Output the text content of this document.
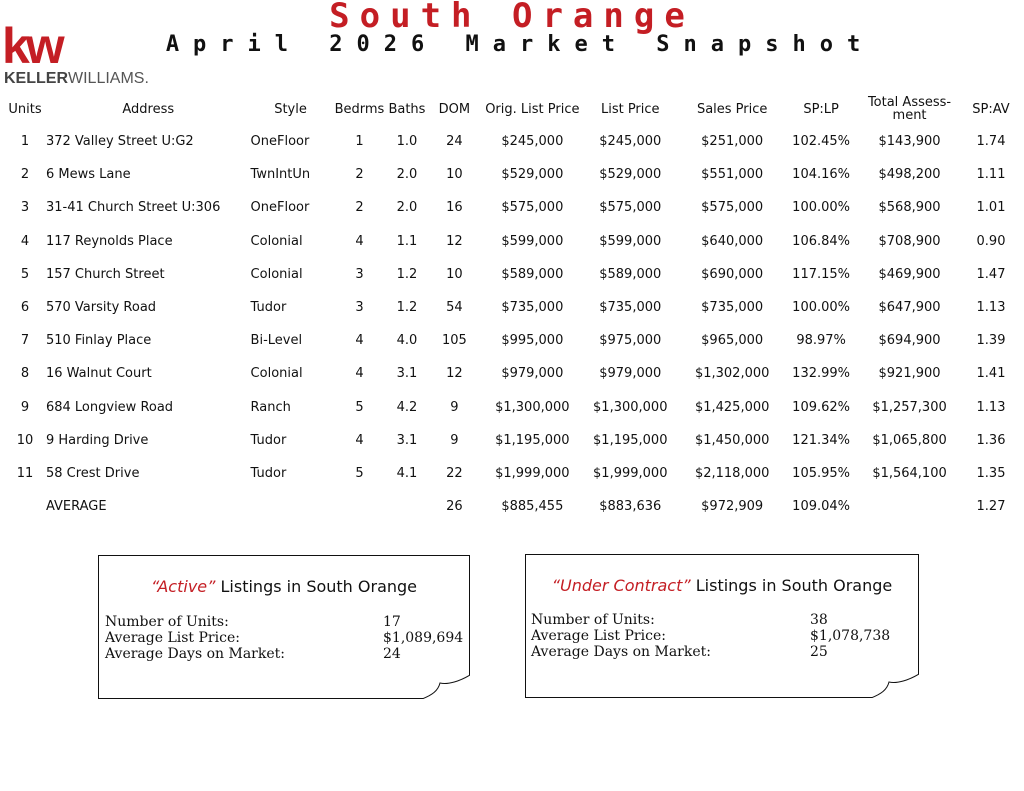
kw
KELLERWILLIAMS.
South Orange
April 2026 Market Snapshot
Units	Address	Style	Bedrms	Baths	DOM	Orig. List Price	List Price	Sales Price	SP:LP	Total Assess-ment	SP:AV
1	372 Valley Street U:G2	OneFloor	1	1.0	24	$245,000	$245,000	$251,000	102.45%	$143,900	1.74
2	6 Mews Lane	TwnIntUn	2	2.0	10	$529,000	$529,000	$551,000	104.16%	$498,200	1.11
3	31-41 Church Street U:306	OneFloor	2	2.0	16	$575,000	$575,000	$575,000	100.00%	$568,900	1.01
4	117 Reynolds Place	Colonial	4	1.1	12	$599,000	$599,000	$640,000	106.84%	$708,900	0.90
5	157 Church Street	Colonial	3	1.2	10	$589,000	$589,000	$690,000	117.15%	$469,900	1.47
6	570 Varsity Road	Tudor	3	1.2	54	$735,000	$735,000	$735,000	100.00%	$647,900	1.13
7	510 Finlay Place	Bi-Level	4	4.0	105	$995,000	$975,000	$965,000	98.97%	$694,900	1.39
8	16 Walnut Court	Colonial	4	3.1	12	$979,000	$979,000	$1,302,000	132.99%	$921,900	1.41
9	684 Longview Road	Ranch	5	4.2	9	$1,300,000	$1,300,000	$1,425,000	109.62%	$1,257,300	1.13
10	9 Harding Drive	Tudor	4	3.1	9	$1,195,000	$1,195,000	$1,450,000	121.34%	$1,065,800	1.36
11	58 Crest Drive	Tudor	5	4.1	22	$1,999,000	$1,999,000	$2,118,000	105.95%	$1,564,100	1.35
	AVERAGE				26	$885,455	$883,636	$972,909	109.04%		1.27
“Active” Listings in South Orange
Number of Units:	17
Average List Price:	$1,089,694
Average Days on Market:	24
“Under Contract” Listings in South Orange
Number of Units:	38
Average List Price:	$1,078,738
Average Days on Market:	25
